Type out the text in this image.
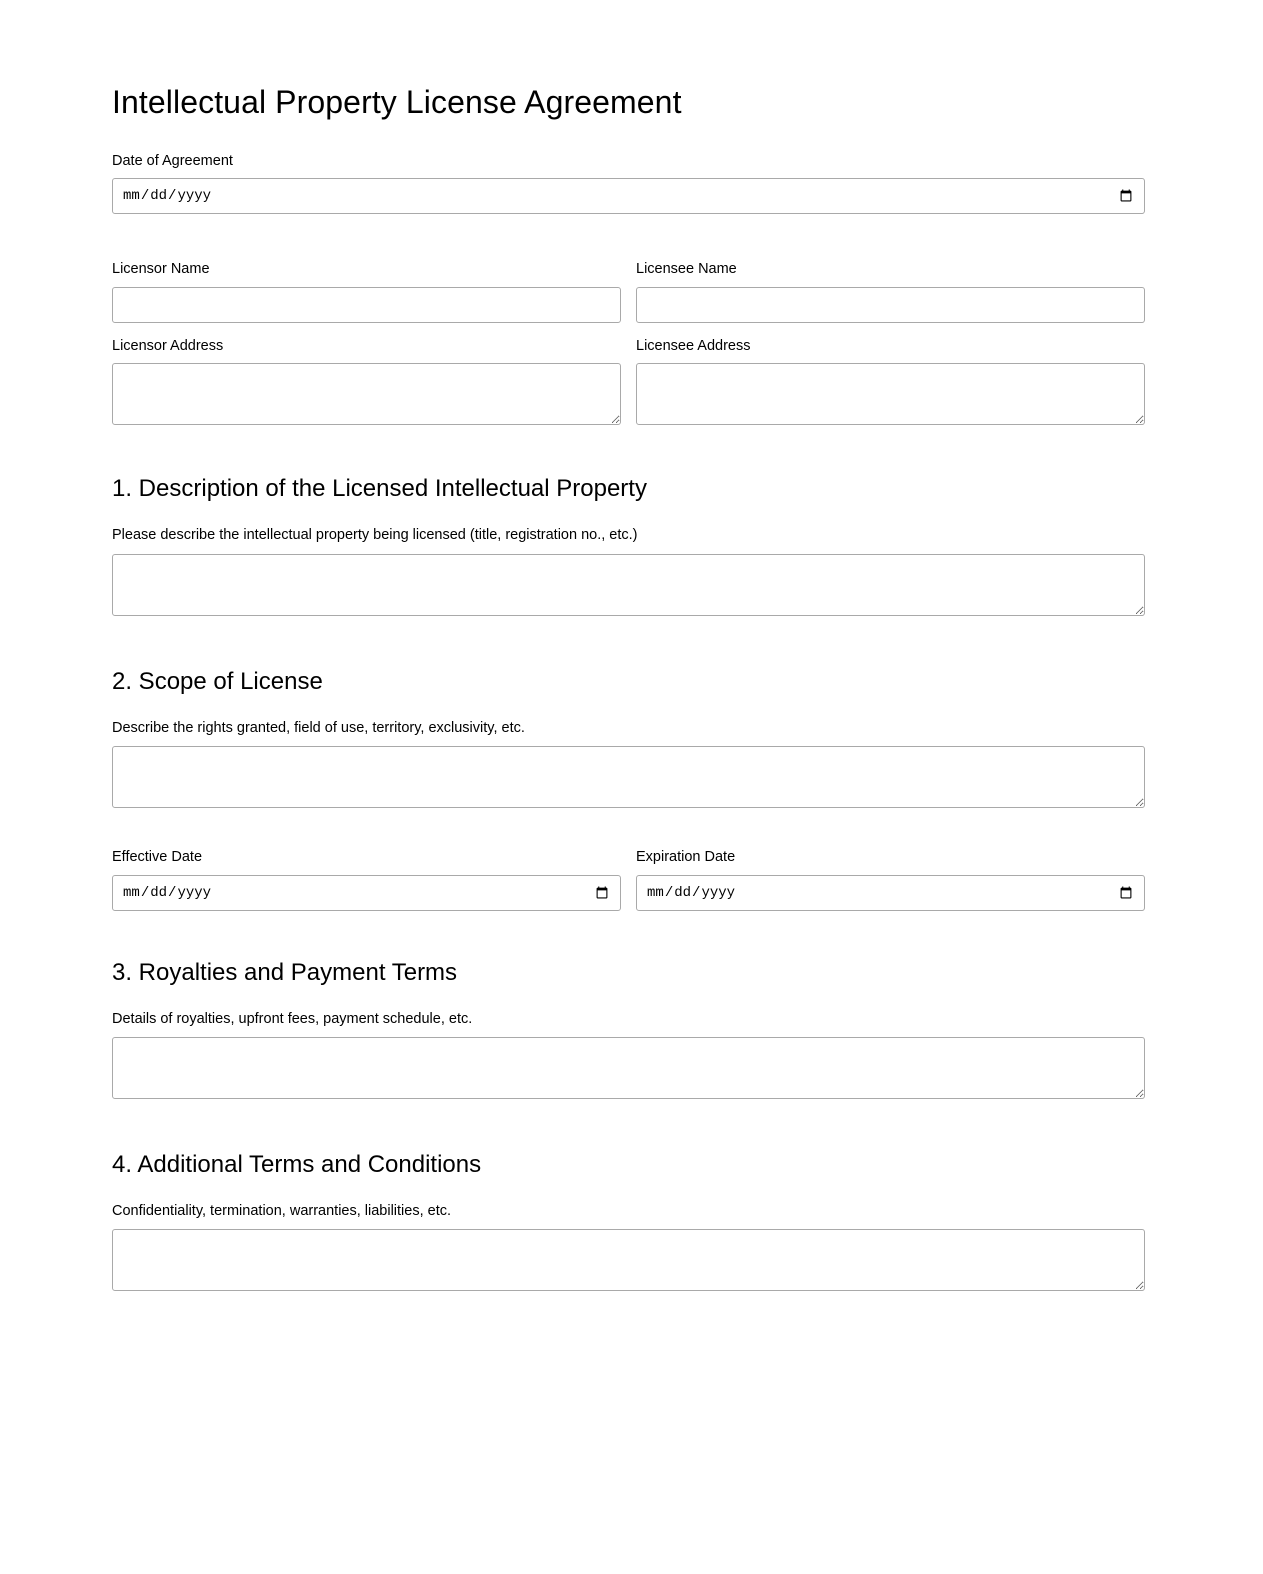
Intellectual Property License Agreement
Date of Agreement
Licensor Name
Licensor Address
Licensee Name
Licensee Address
1. Description of the Licensed Intellectual Property
Please describe the intellectual property being licensed (title, registration no., etc.)
2. Scope of License
Describe the rights granted, field of use, territory, exclusivity, etc.
Effective Date	Expiration Date
3. Royalties and Payment Terms
Details of royalties, upfront fees, payment schedule, etc.
4. Additional Terms and Conditions
Confidentiality, termination, warranties, liabilities, etc.
